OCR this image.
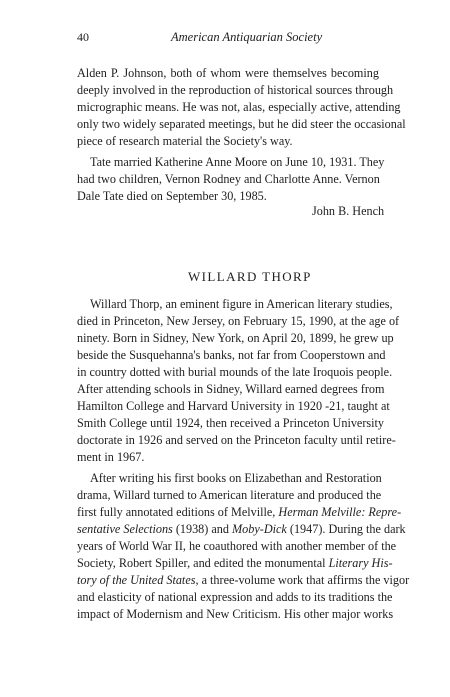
40	American Antiquarian Society
Alden P. Johnson, both of whom were themselves becoming
deeply involved in the reproduction of historical sources through
micrographic means. He was not, alas, especially active, attending
only two widely separated meetings, but he did steer the occasional
piece of research material the Society's way.
Tate married Katherine Anne Moore on June 10, 1931. They
had two children, Vernon Rodney and Charlotte Anne. Vernon
Dale Tate died on September 30, 1985.
John B. Hench
WILLARD THORP
Willard Thorp, an eminent figure in American literary studies,
died in Princeton, New Jersey, on February 15, 1990, at the age of
ninety. Born in Sidney, New York, on April 20, 1899, he grew up
beside the Susquehanna's banks, not far from Cooperstown and
in country dotted with burial mounds of the late Iroquois people.
After attending schools in Sidney, Willard earned degrees from
Hamilton College and Harvard University in 1920 -21, taught at
Smith College until 1924, then received a Princeton University
doctorate in 1926 and served on the Princeton faculty until retire-
ment in 1967.
After writing his first books on Elizabethan and Restoration
drama, Willard turned to American literature and produced the
first fully annotated editions of Melville, Herman Melville: Repre-
sentative Selections (1938) and Moby-Dick (1947). During the dark
years of World War II, he coauthored with another member of the
Society, Robert Spiller, and edited the monumental Literary His-
tory of the United States, a three-volume work that affirms the vigor
and elasticity of national expression and adds to its traditions the
impact of Modernism and New Criticism. His other major works
